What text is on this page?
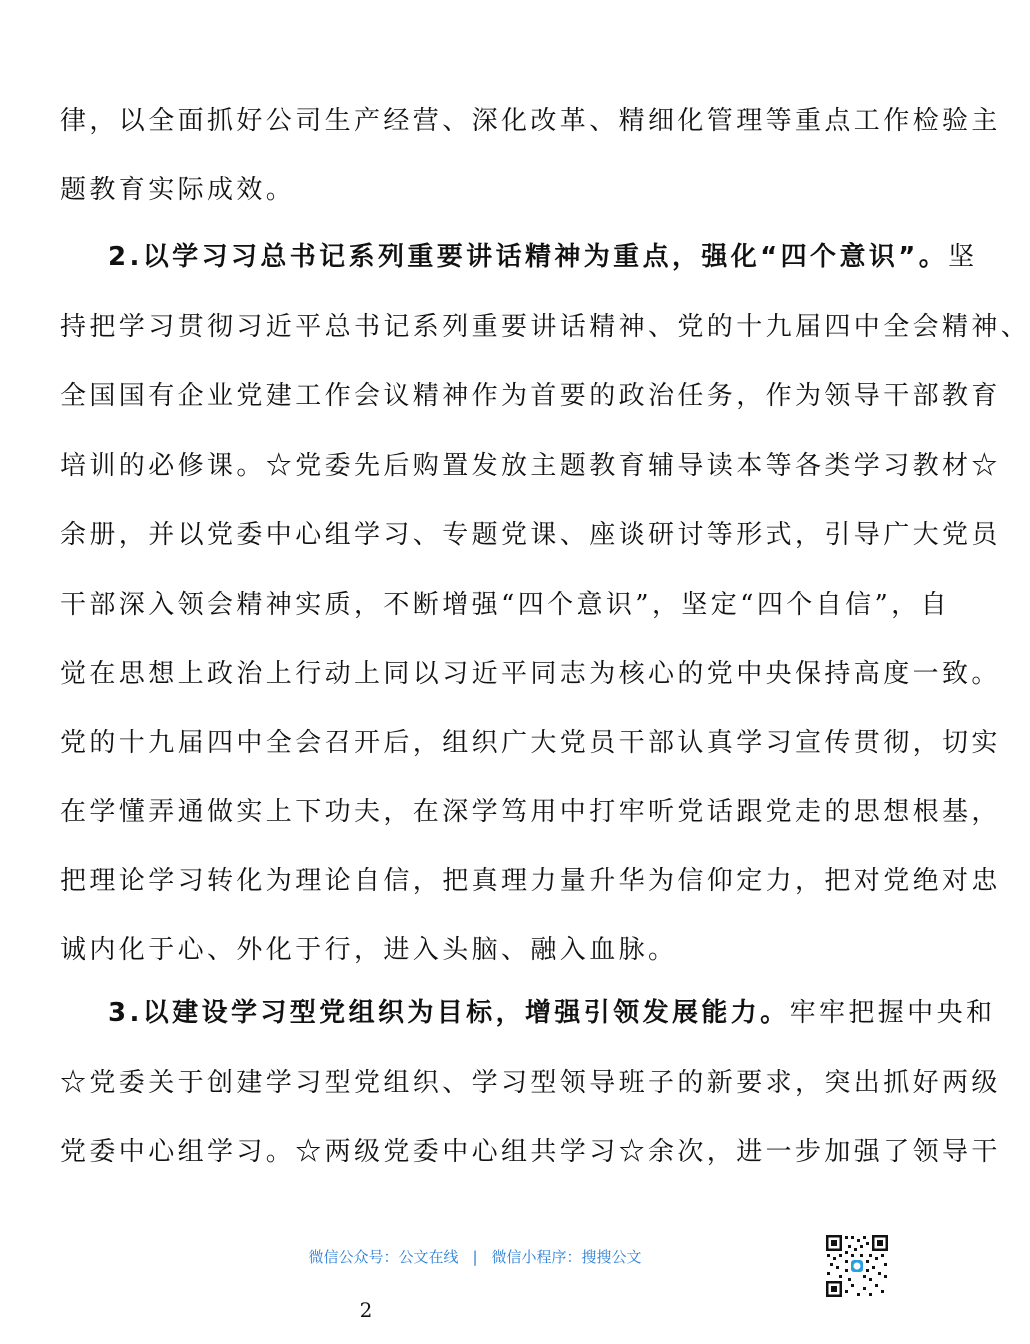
律，以全面抓好公司生产经营、深化改革、精细化管理等重点工作检验主
题教育实际成效。
2.以学习习总书记系列重要讲话精神为重点，强化“四个意识”。坚
持把学习贯彻习近平总书记系列重要讲话精神、党的十九届四中全会精神、
全国国有企业党建工作会议精神作为首要的政治任务，作为领导干部教育
培训的必修课。☆党委先后购置发放主题教育辅导读本等各类学习教材☆
余册，并以党委中心组学习、专题党课、座谈研讨等形式，引导广大党员
干部深入领会精神实质，不断增强“四个意识”，坚定“四个自信”，自
觉在思想上政治上行动上同以习近平同志为核心的党中央保持高度一致。
党的十九届四中全会召开后，组织广大党员干部认真学习宣传贯彻，切实
在学懂弄通做实上下功夫，在深学笃用中打牢听党话跟党走的思想根基，
把理论学习转化为理论自信，把真理力量升华为信仰定力，把对党绝对忠
诚内化于心、外化于行，进入头脑、融入血脉。
3.以建设学习型党组织为目标，增强引领发展能力。牢牢把握中央和
☆党委关于创建学习型党组织、学习型领导班子的新要求，突出抓好两级
党委中心组学习。☆两级党委中心组共学习☆余次，进一步加强了领导干
微信公众号：公文在线 | 微信小程序：搜搜公文
2
